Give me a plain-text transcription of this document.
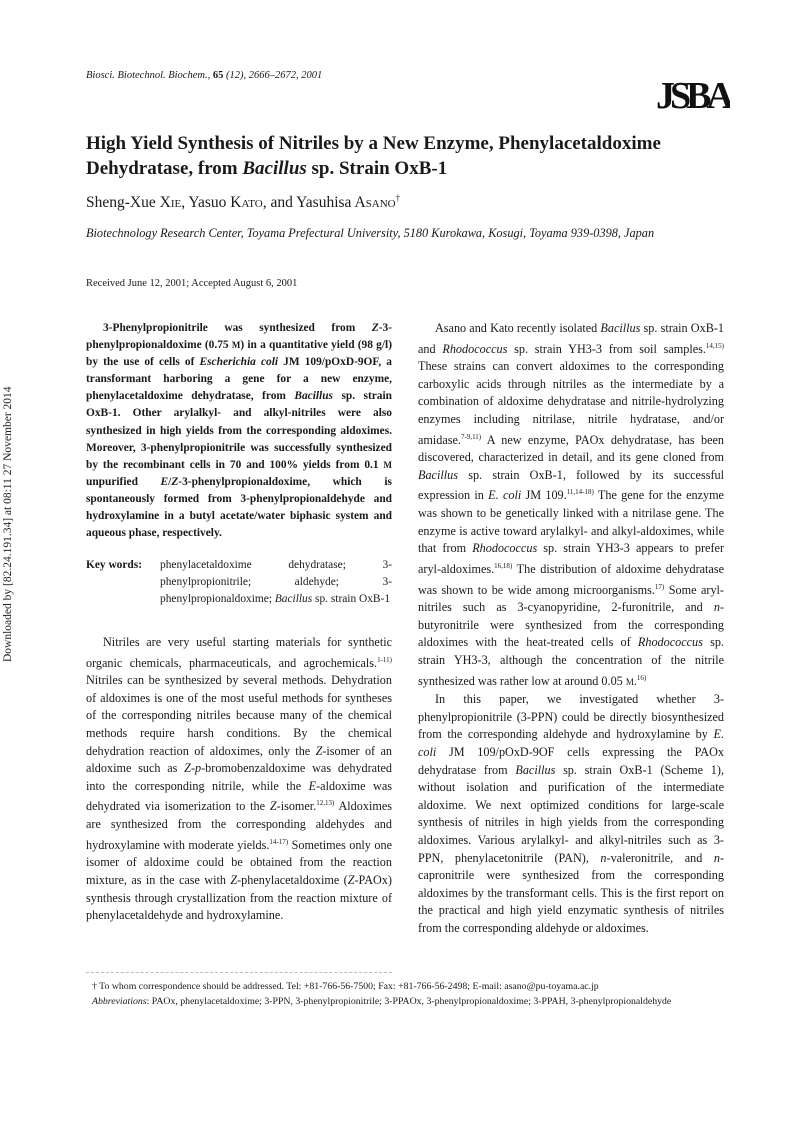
Biosci. Biotechnol. Biochem., 65 (12), 2666–2672, 2001	JSBA
Downloaded by [82.24.191.34] at 08:11 27 November 2014
High Yield Synthesis of Nitriles by a New Enzyme, Phenylacetaldoxime Dehydratase, from Bacillus sp. Strain OxB-1
Sheng-Xue Xie, Yasuo Kato, and Yasuhisa Asano†
Biotechnology Research Center, Toyama Prefectural University, 5180 Kurokawa, Kosugi, Toyama 939-0398, Japan
Received June 12, 2001; Accepted August 6, 2001
3-Phenylpropionitrile was synthesized from Z-3-phenylpropionaldoxime (0.75 M) in a quantitative yield (98 g/l) by the use of cells of Escherichia coli JM 109/pOxD-9OF, a transformant harboring a gene for a new enzyme, phenylacetaldoxime dehydratase, from Bacillus sp. strain OxB-1. Other arylalkyl- and alkyl-nitriles were also synthesized in high yields from the corresponding aldoximes. Moreover, 3-phenylpropionitrile was successfully synthesized by the recombinant cells in 70 and 100% yields from 0.1 M unpurified E/Z-3-phenylpropionaldoxime, which is spontaneously formed from 3-phenylpropionaldehyde and hydroxylamine in a butyl acetate/water biphasic system and aqueous phase, respectively.
Key words: phenylacetaldoxime dehydratase; 3-phenylpropionitrile; aldehyde; 3-phenylpropionaldoxime; Bacillus sp. strain OxB-1
Nitriles are very useful starting materials for synthetic organic chemicals, pharmaceuticals, and agrochemicals.$^{1-11)}$ Nitriles can be synthesized by several methods. Dehydration of aldoximes is one of the most useful methods for syntheses of the corresponding nitriles because many of the chemical methods require harsh conditions. By the chemical dehydration reaction of aldoximes, only the Z-isomer of an aldoxime such as Z-p-bromobenzaldoxime was dehydrated into the corresponding nitrile, while the E-aldoxime was dehydrated via isomerization to the Z-isomer.$^{12,13)}$ Aldoximes are synthesized from the corresponding aldehydes and hydroxylamine with moderate yields.$^{14-17)}$ Sometimes only one isomer of aldoxime could be obtained from the reaction mixture, as in the case with Z-phenylacetaldoxime (Z-PAOx) synthesis through crystallization from the reaction mixture of phenylacetaldehyde and hydroxylamine.

Asano and Kato recently isolated Bacillus sp. strain OxB-1 and Rhodococcus sp. strain YH3-3 from soil samples.$^{14,15)}$ These strains can convert aldoximes to the corresponding carboxylic acids through nitriles as the intermediate by a combination of aldoxime dehydratase and nitrile-hydrolyzing enzymes including nitrilase, nitrile hydratase, and/or amidase.$^{7-9,11)}$ A new enzyme, PAOx dehydratase, has been discovered, characterized in detail, and its gene cloned from Bacillus sp. strain OxB-1, followed by its successful expression in E. coli JM 109.$^{11,14-18)}$ The gene for the enzyme was shown to be genetically linked with a nitrilase gene. The enzyme is active toward arylalkyl- and alkyl-aldoximes, while that from Rhodococcus sp. strain YH3-3 appears to prefer aryl-aldoximes.$^{16,18)}$ The distribution of aldoxime dehydratase was shown to be wide among microorganisms.$^{17)}$ Some aryl-nitriles such as 3-cyanopyridine, 2-furonitrile, and n-butyronitrile were synthesized from the corresponding aldoximes with the heat-treated cells of Rhodococcus sp. strain YH3-3, although the concentration of the nitrile synthesized was rather low at around 0.05 M.$^{16)}$

In this paper, we investigated whether 3-phenylpropionitrile (3-PPN) could be directly biosynthesized from the corresponding aldehyde and hydroxylamine by E. coli JM 109/pOxD-9OF cells expressing the PAOx dehydratase from Bacillus sp. strain OxB-1 (Scheme 1), without isolation and purification of the intermediate aldoxime. We next optimized conditions for large-scale synthesis of nitriles in high yields from the corresponding aldoximes. Various arylalkyl- and alkyl-nitriles such as 3-PPN, phenylacetonitrile (PAN), n-valeronitrile, and n-capronitrile were synthesized from the corresponding aldoximes by the transformant cells. This is the first report on the practical and high yield enzymatic synthesis of nitriles from the corresponding aldehyde or aldoximes.

† To whom correspondence should be addressed. Tel: +81-766-56-7500; Fax: +81-766-56-2498; E-mail: asano@pu-toyama.ac.jp

Abbreviations: PAOx, phenylacetaldoxime; 3-PPN, 3-phenylpropionitrile; 3-PPAOx, 3-phenylpropionaldoxime; 3-PPAH, 3-phenylpropionaldehyde
